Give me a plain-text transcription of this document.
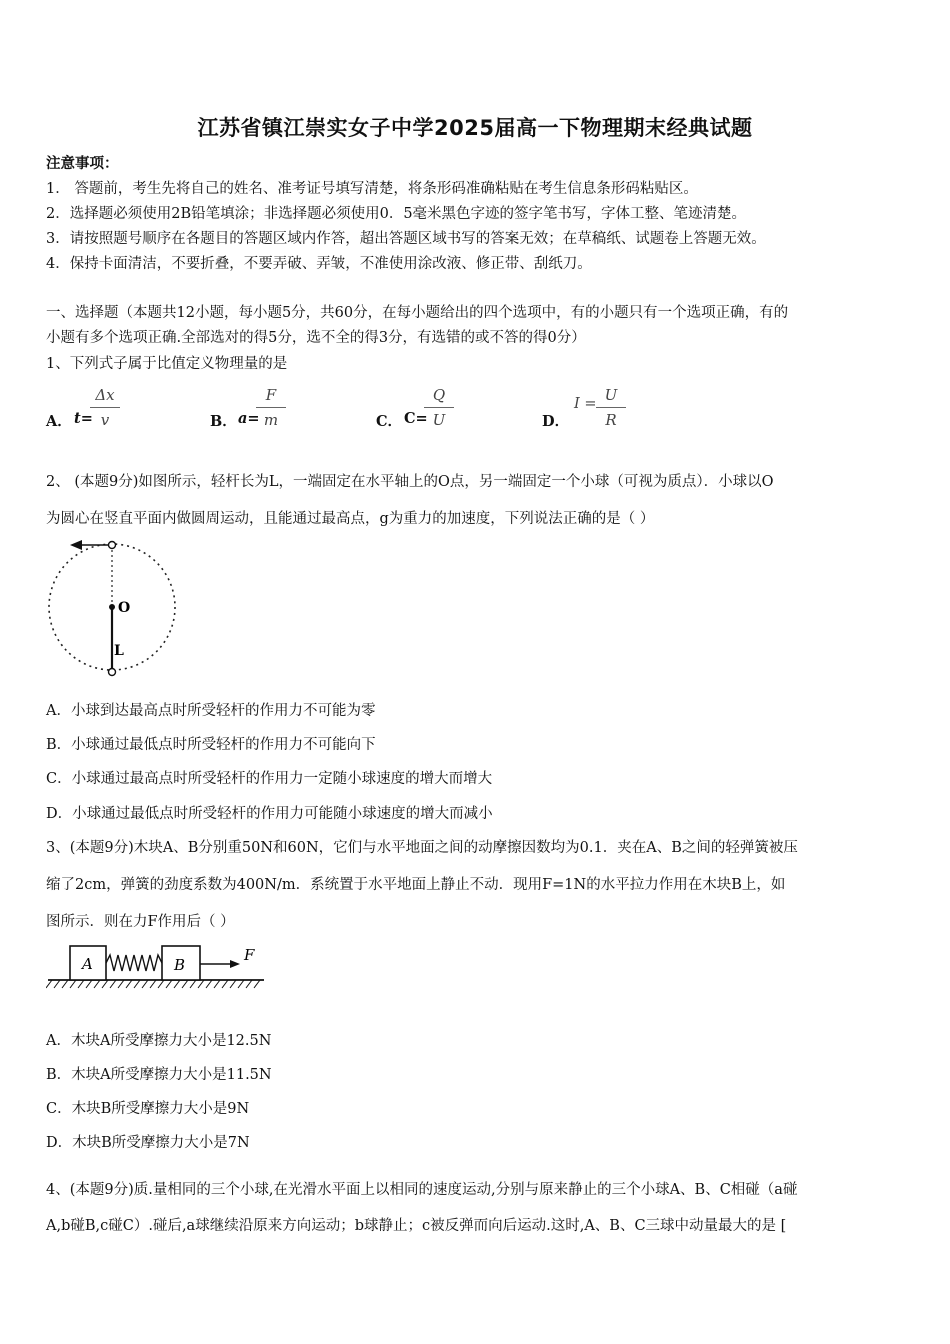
江苏省镇江崇实女子中学2025届高一下物理期末经典试题
注意事项：
1． 答题前，考生先将自己的姓名、准考证号填写清楚，将条形码准确粘贴在考生信息条形码粘贴区。
2．选择题必须使用2B铅笔填涂；非选择题必须使用0．5毫米黑色字迹的签字笔书写，字体工整、笔迹清楚。
3．请按照题号顺序在各题目的答题区域内作答，超出答题区域书写的答案无效；在草稿纸、试题卷上答题无效。
4．保持卡面清洁，不要折叠，不要弄破、弄皱，不准使用涂改液、修正带、刮纸刀。
一、选择题（本题共12小题，每小题5分，共60分，在每小题给出的四个选项中，有的小题只有一个选项正确，有的
小题有多个选项正确.全部选对的得5分，选不全的得3分，有选错的或不答的得0分）
1、下列式子属于比值定义物理量的是
A． t=
Δx
v	B． a=
F
m	C． C=
Q
U	D．
I = U
R
2、 (本题9分)如图所示，轻杆长为L，一端固定在水平轴上的O点，另一端固定一个小球（可视为质点）．小球以O
为圆心在竖直平面内做圆周运动，且能通过最高点，g为重力的加速度，下列说法正确的是（ ）
O
L
A．小球到达最高点时所受轻杆的作用力不可能为零
B．小球通过最低点时所受轻杆的作用力不可能向下
C．小球通过最高点时所受轻杆的作用力一定随小球速度的增大而增大
D．小球通过最低点时所受轻杆的作用力可能随小球速度的增大而减小
3、(本题9分)木块A、B分别重50N和60N，它们与水平地面之间的动摩擦因数均为0.1．夹在A、B之间的轻弹簧被压
缩了2cm，弹簧的劲度系数为400N/m．系统置于水平地面上静止不动．现用F=1N的水平拉力作用在木块B上，如
图所示．则在力F作用后（ ）
A	B
F
A．木块A所受摩擦力大小是12.5N
B．木块A所受摩擦力大小是11.5N
C．木块B所受摩擦力大小是9N
D．木块B所受摩擦力大小是7N
4、(本题9分)质.量相同的三个小球,在光滑水平面上以相同的速度运动,分别与原来静止的三个小球A、B、C相碰（a碰
A,b碰B,c碰C）.碰后,a球继续沿原来方向运动；b球静止；c被反弹而向后运动.这时,A、B、C三球中动量最大的是 [
